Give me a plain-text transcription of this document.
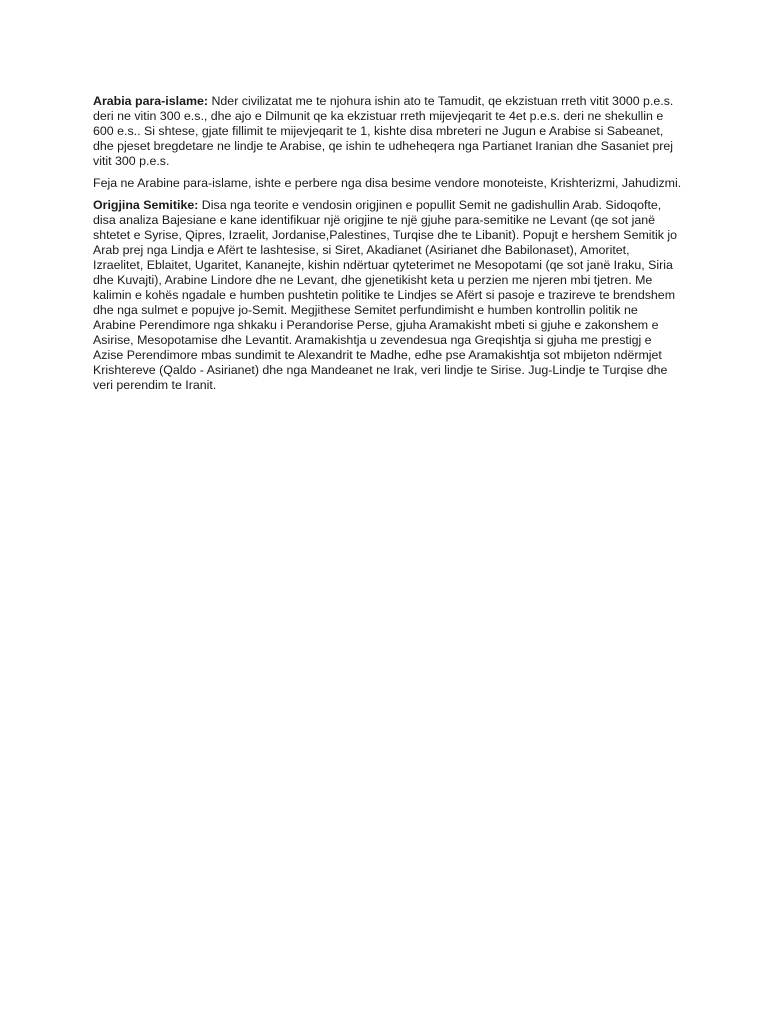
Arabia para-islame: Nder civilizatat me te njohura ishin ato te Tamudit, qe ekzistuan rreth vitit 3000 p.e.s. deri ne vitin 300 e.s., dhe ajo e Dilmunit qe ka ekzistuar rreth mijevjeqarit te 4et p.e.s. deri ne shekullin e 600 e.s.. Si shtese, gjate fillimit te mijevjeqarit te 1, kishte disa mbreteri ne Jugun e Arabise si Sabeanet, dhe pjeset bregdetare ne lindje te Arabise, qe ishin te udheheqera nga Partianet Iranian dhe Sasaniet prej vitit 300 p.e.s.

Feja ne Arabine para-islame, ishte e perbere nga disa besime vendore monoteiste, Krishterizmi, Jahudizmi.

Origjina Semitike: Disa nga teorite e vendosin origjinen e popullit Semit ne gadishullin Arab. Sidoqofte, disa analiza Bajesiane e kane identifikuar një origjine te një gjuhe para-semitike ne Levant (qe sot janë shtetet e Syrise, Qipres, Izraelit, Jordanise,Palestines, Turqise dhe te Libanit). Popujt e hershem Semitik jo Arab prej nga Lindja e Afërt te lashtesise, si Siret, Akadianet (Asirianet dhe Babilonaset), Amoritet, Izraelitet, Eblaitet, Ugaritet, Kananejte, kishin ndërtuar qyteterimet ne Mesopotami (qe sot janë Iraku, Siria dhe Kuvajti), Arabine Lindore dhe ne Levant, dhe gjenetikisht keta u perzien me njeren mbi tjetren. Me kalimin e kohës ngadale e humben pushtetin politike te Lindjes se Afërt si pasoje e trazireve te brendshem dhe nga sulmet e popujve jo-Semit. Megjithese Semitet perfundimisht e humben kontrollin politik ne Arabine Perendimore nga shkaku i Perandorise Perse, gjuha Aramakisht mbeti si gjuhe e zakonshem e Asirise, Mesopotamise dhe Levantit. Aramakishtja u zevendesua nga Greqishtja si gjuha me prestigj e Azise Perendimore mbas sundimit te Alexandrit te Madhe, edhe pse Aramakishtja sot mbijeton ndërmjet Krishtereve (Qaldo - Asirianet) dhe nga Mandeanet ne Irak, veri lindje te Sirise. Jug-Lindje te Turqise dhe veri perendim te Iranit.
